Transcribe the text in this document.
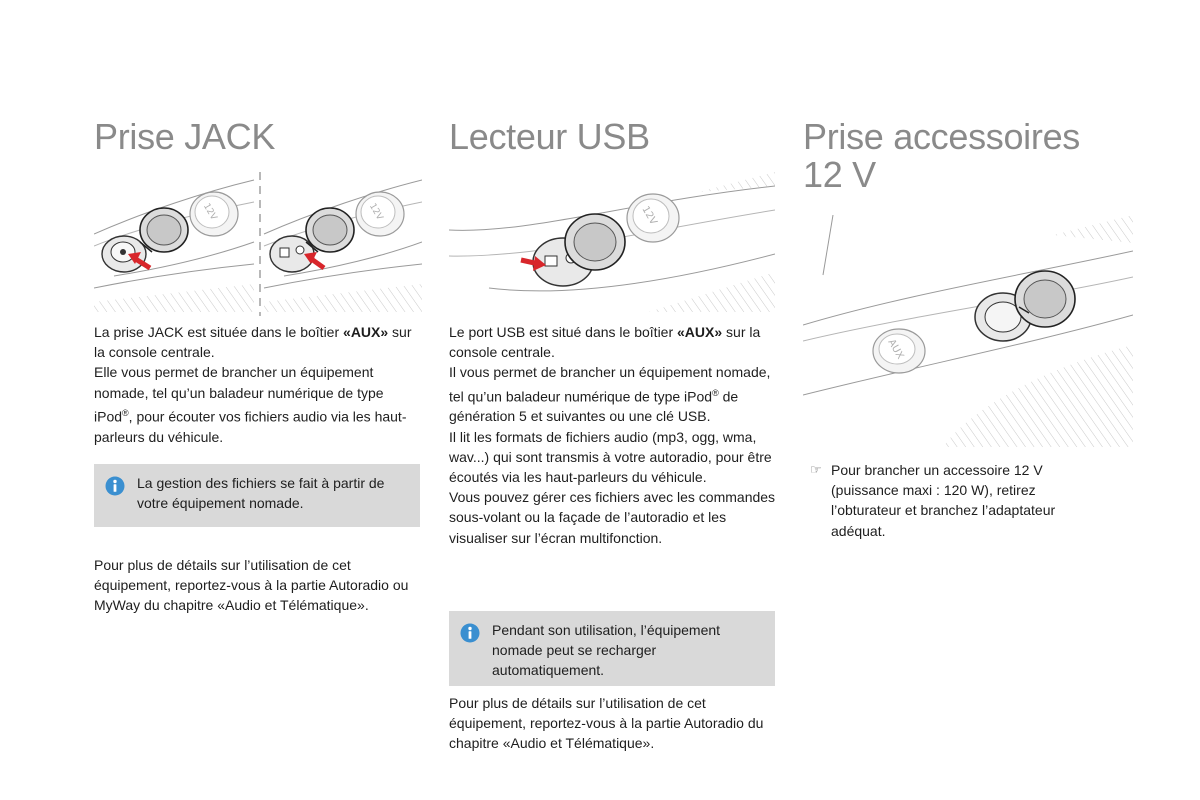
Prise JACK
12V	12V

La prise JACK est située dans le boîtier «AUX» sur la console centrale.
Elle vous permet de brancher un équipement nomade, tel qu’un baladeur numérique de type iPod®, pour écouter vos fichiers audio via les haut-parleurs du véhicule.

La gestion des fichiers se fait à partir de votre équipement nomade.

Pour plus de détails sur l’utilisation de cet équipement, reportez-vous à la partie Autoradio ou MyWay du chapitre «Audio et Télématique».

Lecteur USB
12V

Le port USB est situé dans le boîtier «AUX» sur la console centrale.
Il vous permet de brancher un équipement nomade, tel qu’un baladeur numérique de type iPod® de génération 5 et suivantes ou une clé USB.
Il lit les formats de fichiers audio (mp3, ogg, wma, wav...) qui sont transmis à votre autoradio, pour être écoutés via les haut-parleurs du véhicule.
Vous pouvez gérer ces fichiers avec les commandes sous-volant ou la façade de l’autoradio et les visualiser sur l’écran multifonction.

Pendant son utilisation, l’équipement nomade peut se recharger automatiquement.

Pour plus de détails sur l’utilisation de cet équipement, reportez-vous à la partie Autoradio du chapitre «Audio et Télématique».

Prise accessoires
12 V
AUX
☞ Pour brancher un accessoire 12 V (puissance maxi : 120 W), retirez l’obturateur et branchez l’adaptateur adéquat.
